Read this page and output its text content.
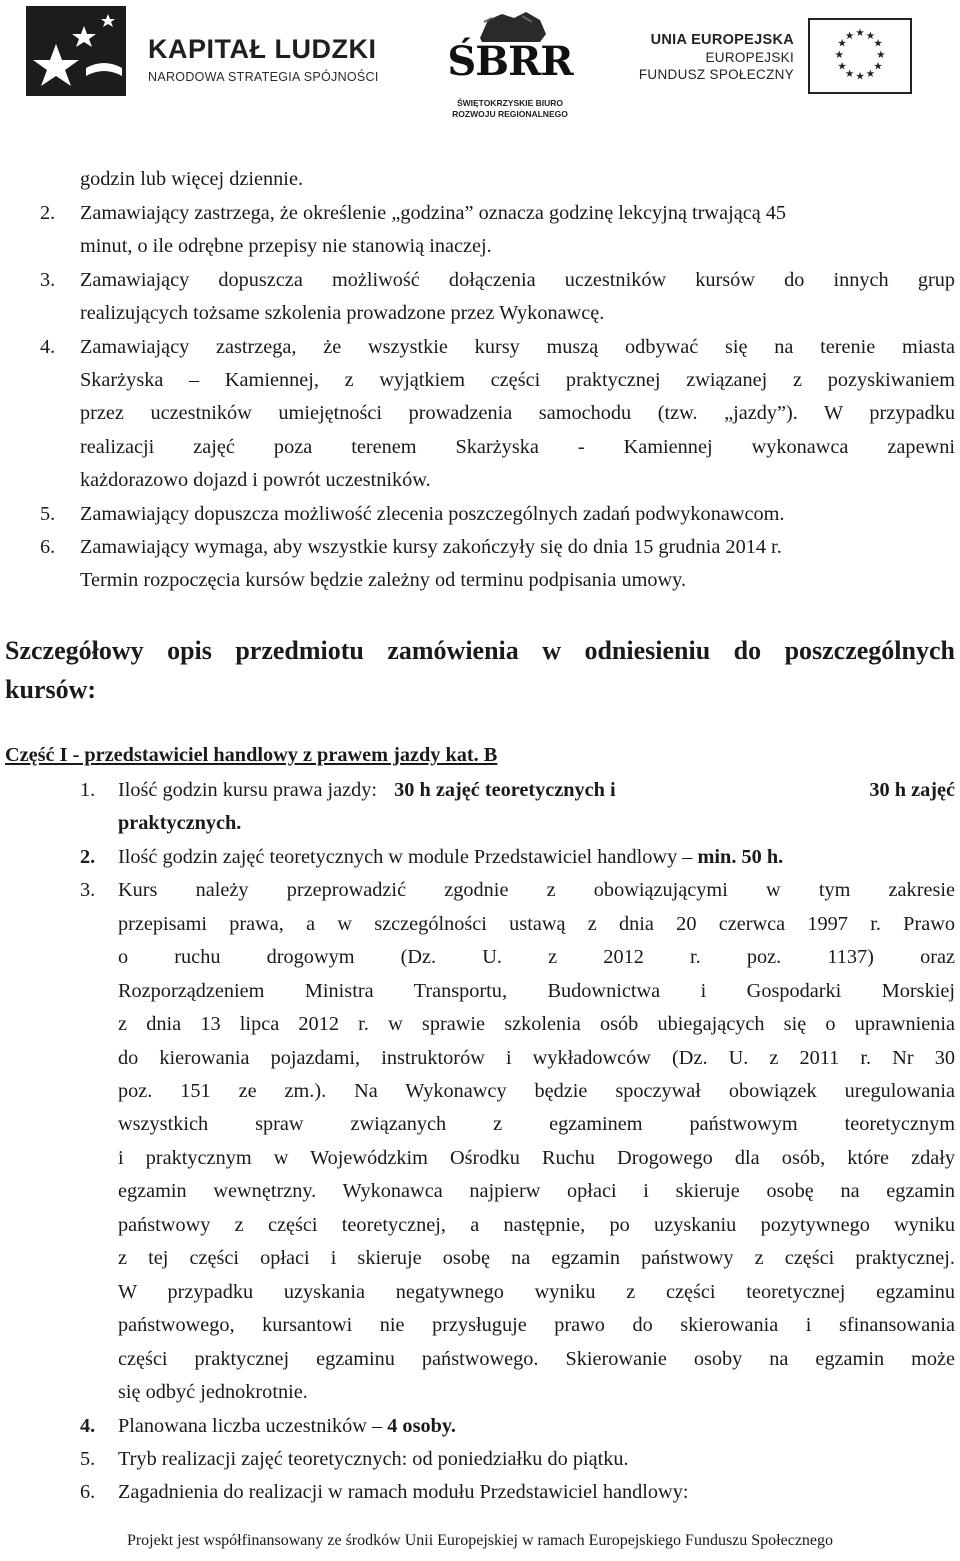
KAPITAŁ LUDZKI
NARODOWA STRATEGIA SPÓJNOŚCI ŚBRR
ŚWIĘTOKRZYSKIE BIURO
ROZWOJU REGIONALNEGO
UNIA EUROPEJSKA
EUROPEJSKI
FUNDUSZ SPOŁECZNY
★ ★
★
★
★
★
★
★
★
★
★
★
godzin lub więcej dziennie.
2. Zamawiający zastrzega, że określenie „godzina” oznacza godzinę lekcyjną trwającą 45
minut, o ile odrębne przepisy nie stanowią inaczej.
3. Zamawiający dopuszcza możliwość dołączenia uczestników kursów do innych grup
realizujących tożsame szkolenia prowadzone przez Wykonawcę.
4. Zamawiający zastrzega, że wszystkie kursy muszą odbywać się na terenie miasta
Skarżyska – Kamiennej, z wyjątkiem części praktycznej związanej z pozyskiwaniem
przez uczestników umiejętności prowadzenia samochodu (tzw. „jazdy”). W przypadku
realizacji zajęć poza terenem Skarżyska - Kamiennej wykonawca zapewni
każdorazowo dojazd i powrót uczestników.
5. Zamawiający dopuszcza możliwość zlecenia poszczególnych zadań podwykonawcom.
6. Zamawiający wymaga, aby wszystkie kursy zakończyły się do dnia 15 grudnia 2014 r.
Termin rozpoczęcia kursów będzie zależny od terminu podpisania umowy.
Szczegółowy opis przedmiotu zamówienia w odniesieniu do poszczególnych
kursów:
Część I - przedstawiciel handlowy z prawem jazdy kat. B
1. Ilość godzin kursu prawa jazdy: 30 h zajęć teoretycznych i	30 h zajęć
praktycznych.
2. Ilość godzin zajęć teoretycznych w module Przedstawiciel handlowy – min. 50 h.
3. Kurs należy przeprowadzić zgodnie z obowiązującymi w tym zakresie
przepisami prawa, a w szczególności ustawą z dnia 20 czerwca 1997 r. Prawo
o ruchu drogowym (Dz. U. z 2012 r. poz. 1137) oraz
Rozporządzeniem Ministra Transportu, Budownictwa i Gospodarki Morskiej
z dnia 13 lipca 2012 r. w sprawie szkolenia osób ubiegających się o uprawnienia
do kierowania pojazdami, instruktorów i wykładowców (Dz. U. z 2011 r. Nr 30
poz. 151 ze zm.). Na Wykonawcy będzie spoczywał obowiązek uregulowania
wszystkich spraw związanych z egzaminem państwowym teoretycznym
i praktycznym w Wojewódzkim Ośrodku Ruchu Drogowego dla osób, które zdały
egzamin wewnętrzny. Wykonawca najpierw opłaci i skieruje osobę na egzamin
państwowy z części teoretycznej, a następnie, po uzyskaniu pozytywnego wyniku
z tej części opłaci i skieruje osobę na egzamin państwowy z części praktycznej.
W przypadku uzyskania negatywnego wyniku z części teoretycznej egzaminu
państwowego, kursantowi nie przysługuje prawo do skierowania i sfinansowania
części praktycznej egzaminu państwowego. Skierowanie osoby na egzamin może
się odbyć jednokrotnie.
4. Planowana liczba uczestników – 4 osoby.
5. Tryb realizacji zajęć teoretycznych: od poniedziałku do piątku.
6. Zagadnienia do realizacji w ramach modułu Przedstawiciel handlowy:
Projekt jest współfinansowany ze środków Unii Europejskiej w ramach Europejskiego Funduszu Społecznego
